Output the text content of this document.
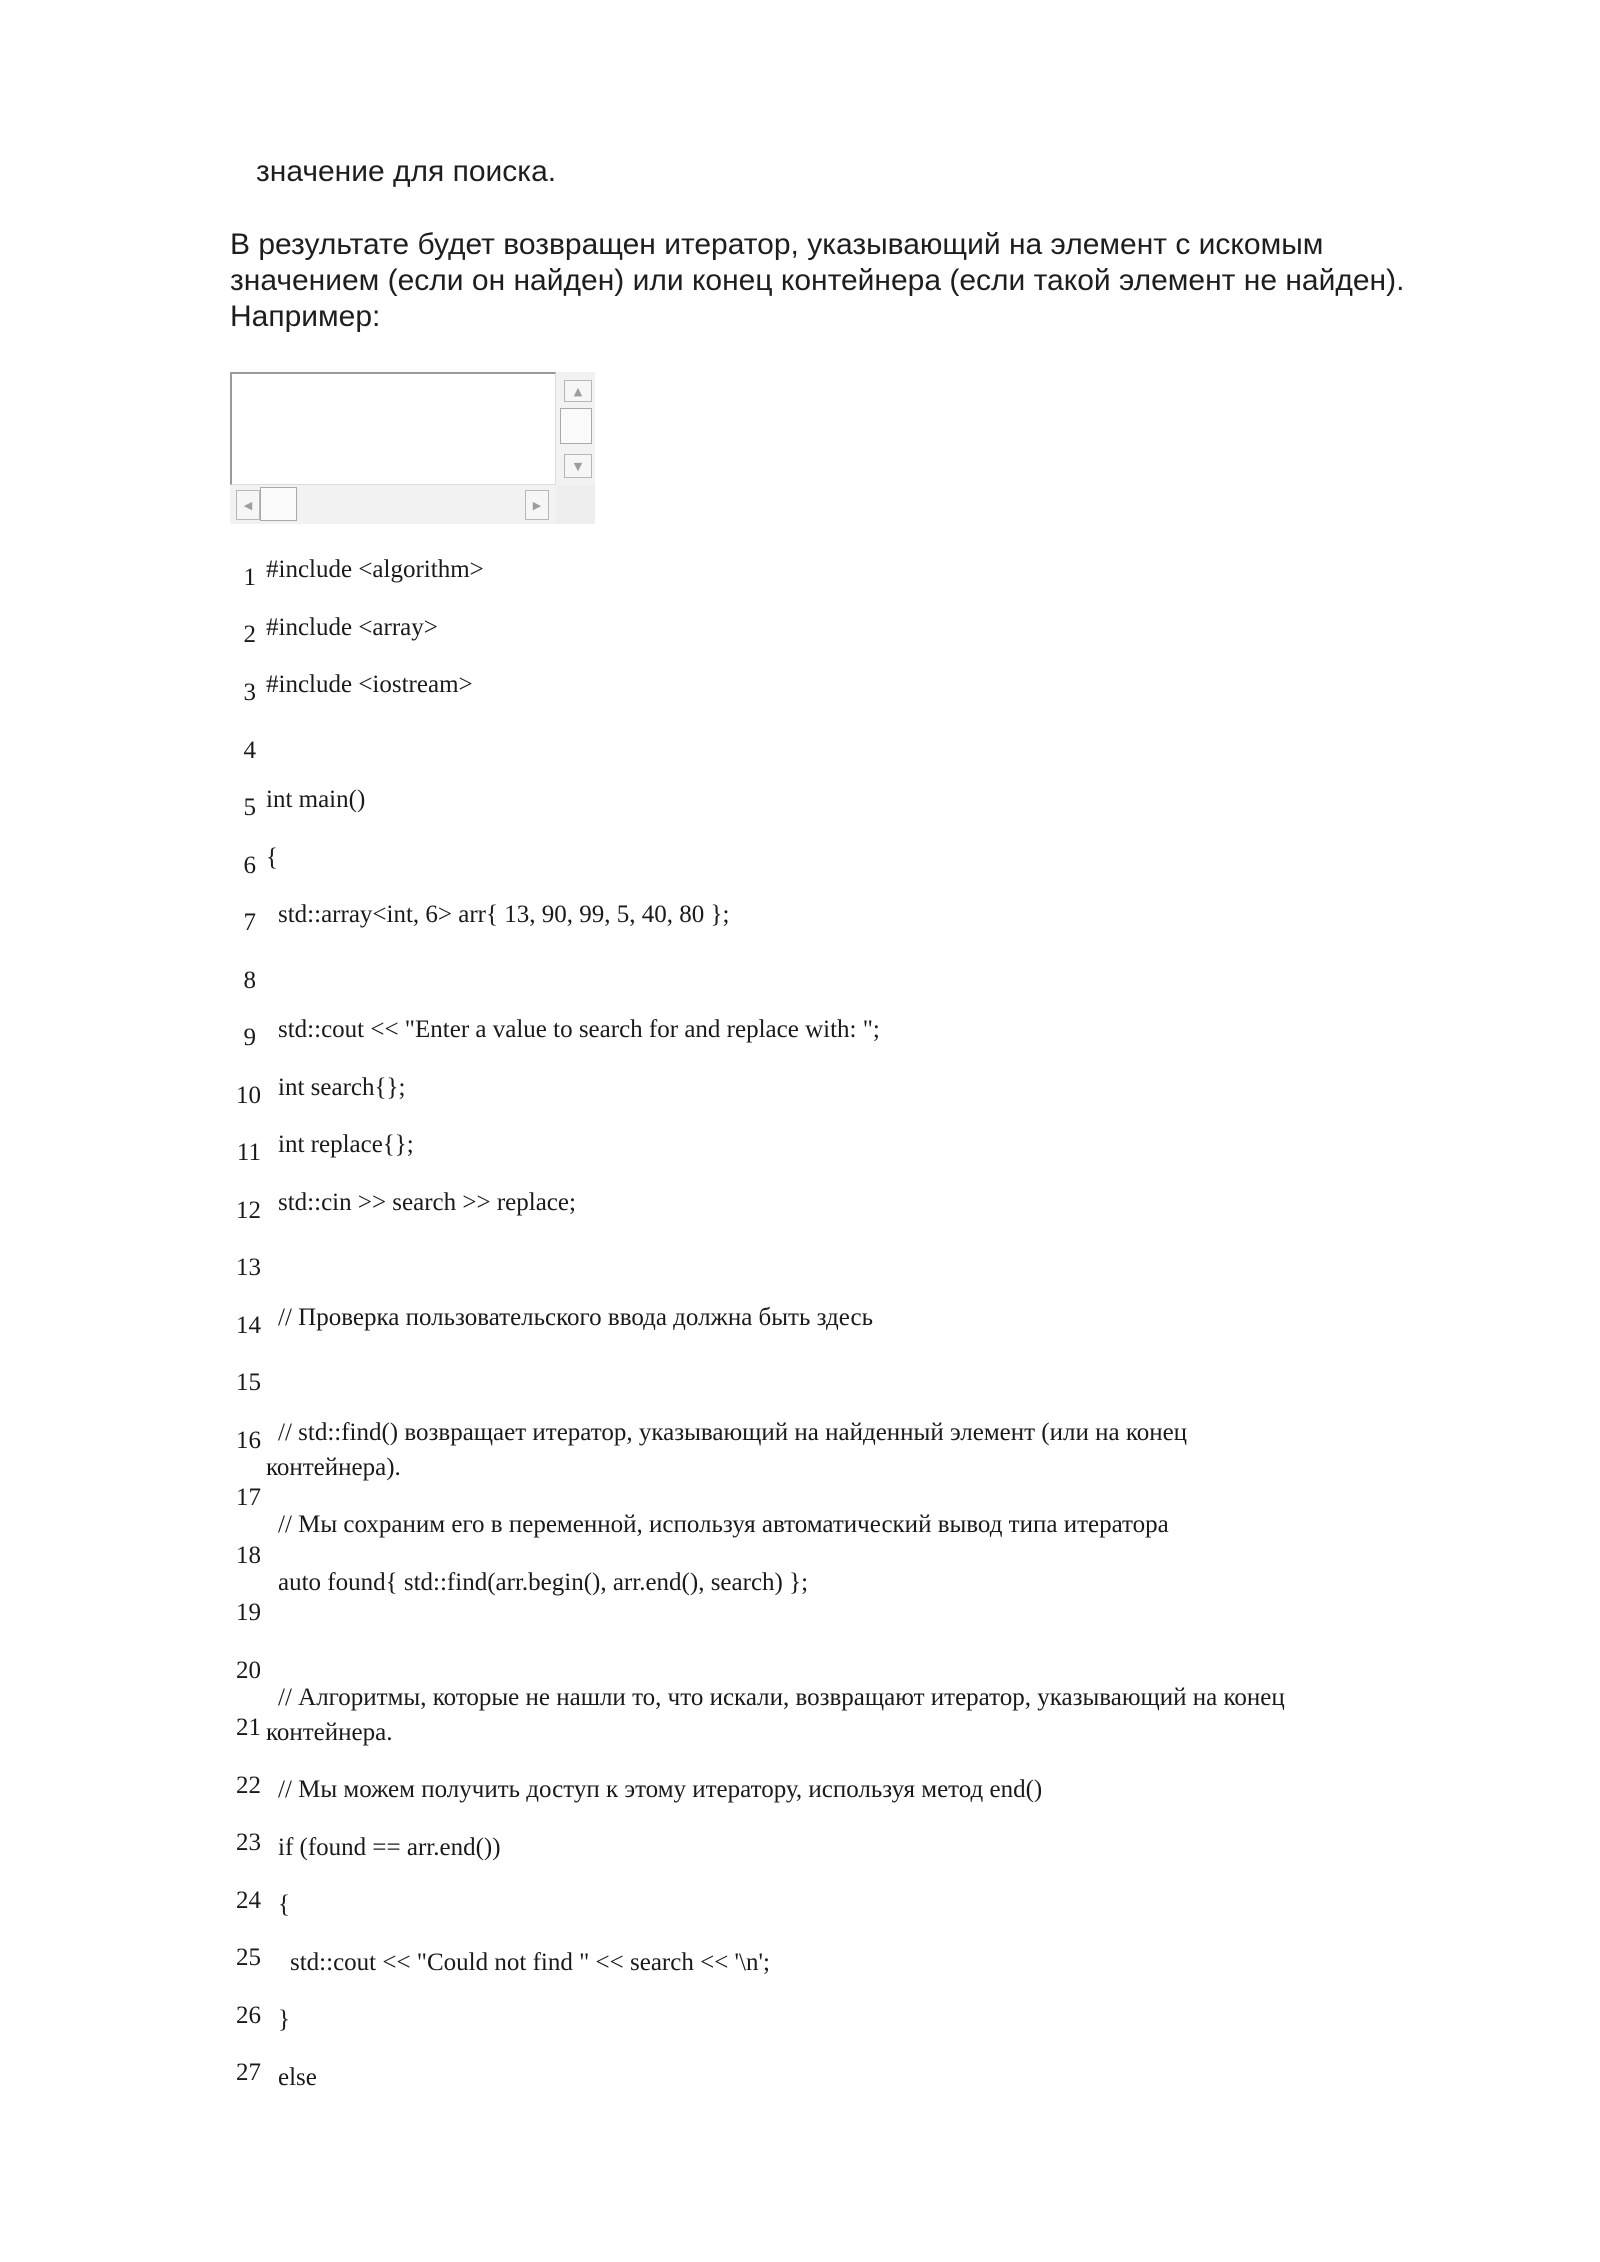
значение для поиска.
В результате будет возвращен итератор, указывающий на элемент с искомым значением (если он найден) или конец контейнера (если такой элемент не найден). Например:
▲
▼
◀	▶
1
2
3
4
5
6
7
8
9
10
11
12
13
14
15
16
17
18
19
20
21
22
23
24
25
26
27
#include <algorithm>
#include <array>
#include <iostream>
int main()
{
std::array<int, 6> arr{ 13, 90, 99, 5, 40, 80 };
std::cout << "Enter a value to search for and replace with: ";
int search{};
int replace{};
std::cin >> search >> replace;
// Проверка пользовательского ввода должна быть здесь
// std::find() возвращает итератор, указывающий на найденный элемент (или на конец
контейнера).
// Мы сохраним его в переменной, используя автоматический вывод типа итератора
auto found{ std::find(arr.begin(), arr.end(), search) };
// Алгоритмы, которые не нашли то, что искали, возвращают итератор, указывающий на конец
контейнера.
// Мы можем получить доступ к этому итератору, используя метод end()
if (found == arr.end())
{
std::cout << "Could not find " << search << '\n';
}
else
